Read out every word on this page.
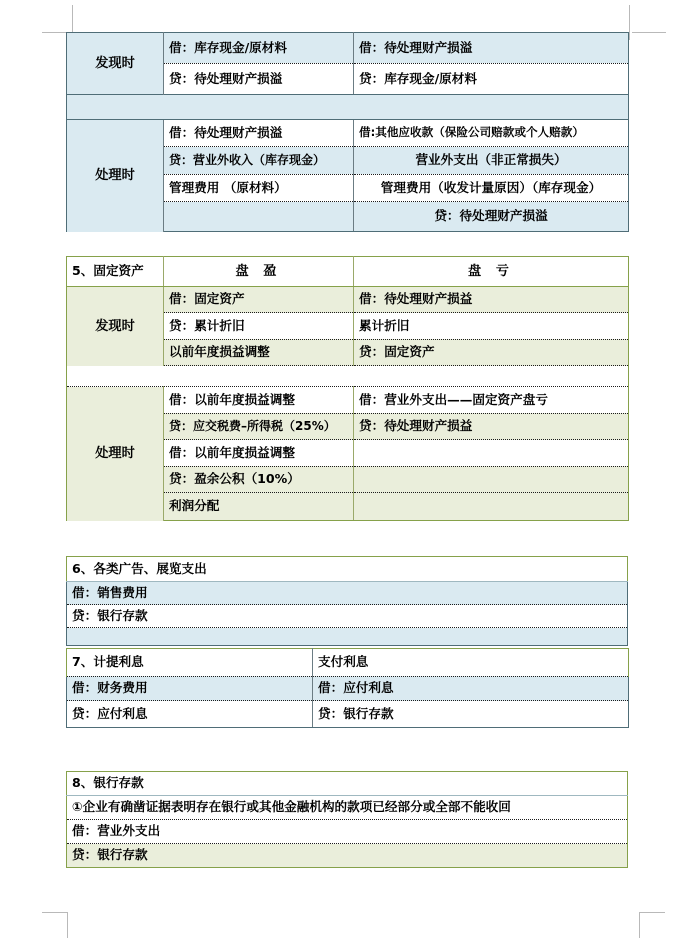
发现时	借：库存现金/原材料	借：待处理财产损溢
	贷：待处理财产损溢	贷：库存现金/原材料

处理时	借：待处理财产损溢	借:其他应收款（保险公司赔款或个人赔款）
	贷：营业外收入（库存现金）	营业外支出（非正常损失）
	管理费用 （原材料）	管理费用（收发计量原因）（库存现金）
		贷：待处理财产损溢
5、固定资产	盘 盈	盘 亏
发现时	借：固定资产	借：待处理财产损益
	贷：累计折旧	累计折旧
	以前年度损益调整	贷：固定资产

处理时	借：以前年度损益调整	借：营业外支出——固定资产盘亏
	贷：应交税费–所得税（25%）	贷：待处理财产损益
	借：以前年度损益调整	
	贷：盈余公积（10%）	
	利润分配	
6、各类广告、展览支出
借：销售费用
贷：银行存款

7、计提利息	支付利息
借：财务费用	借：应付利息
贷：应付利息	贷：银行存款
8、银行存款
①企业有确凿证据表明存在银行或其他金融机构的款项已经部分或全部不能收回
借：营业外支出
贷：银行存款
